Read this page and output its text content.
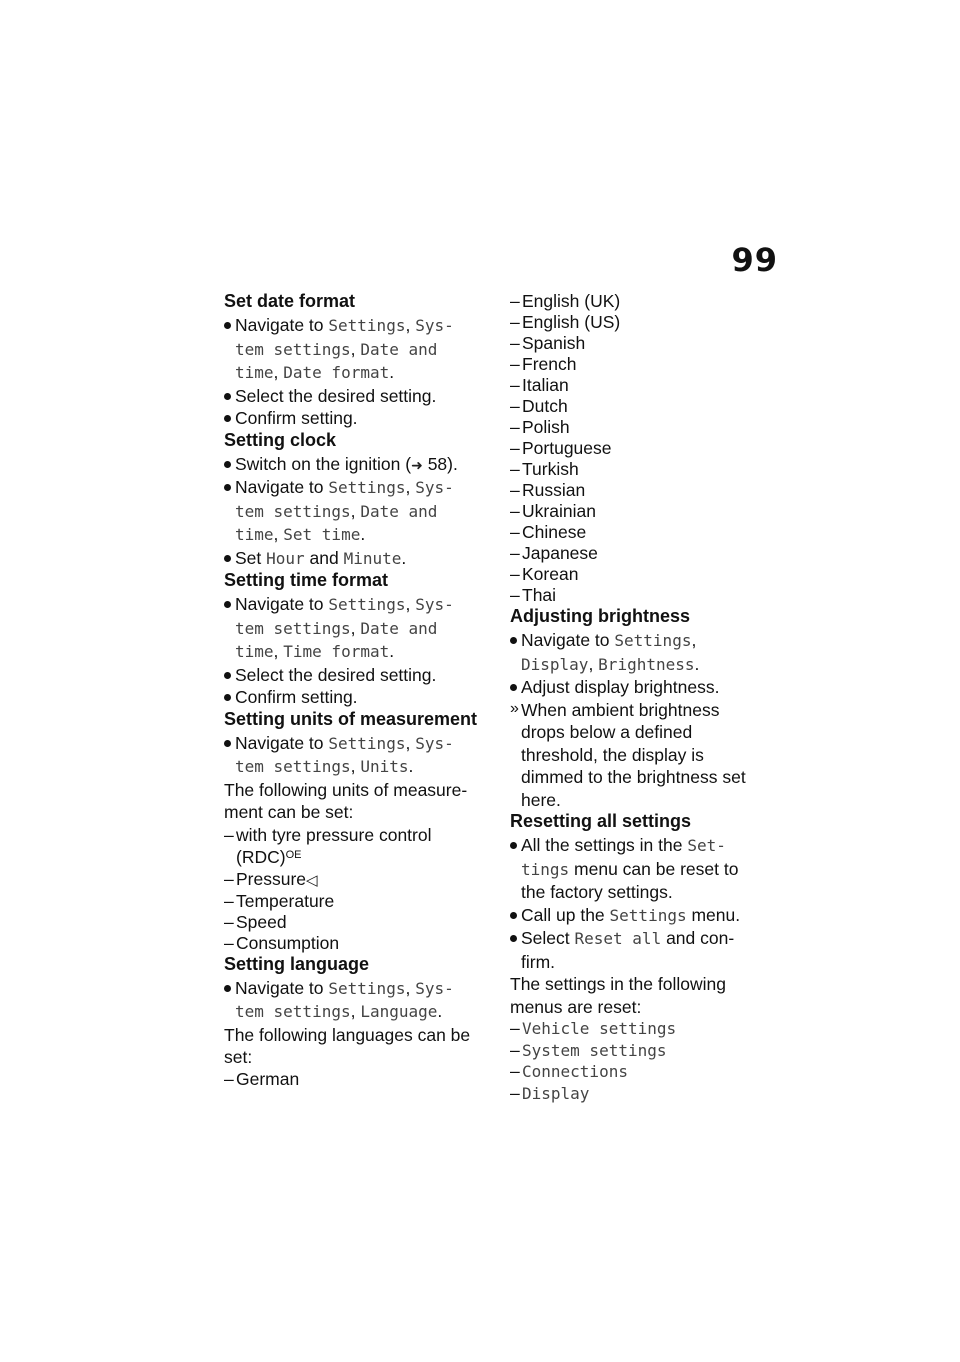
99
Set date format
Navigate to Settings, Sys-
tem settings, Date and
time, Date format.
Select the desired setting.
Confirm setting.
Setting clock
Switch on the ignition (➜ 58).
Navigate to Settings, Sys-
tem settings, Date and
time, Set time.
Set Hour and Minute.
Setting time format
Navigate to Settings, Sys-
tem settings, Date and
time, Time format.
Select the desired setting.
Confirm setting.
Setting units of measurement
Navigate to Settings, Sys-
tem settings, Units.
The following units of measure-
ment can be set:
– with tyre pressure control
(RDC)$^{OE}$
– Pressure◁
– Temperature
– Speed
– Consumption
Setting language
Navigate to Settings, Sys-
tem settings, Language.
The following languages can be
set:
– German
– English (UK)
– English (US)
– Spanish
– French
– Italian
– Dutch
– Polish
– Portuguese
– Turkish
– Russian
– Ukrainian
– Chinese
– Japanese
– Korean
– Thai
Adjusting brightness
Navigate to Settings,
Display, Brightness.
Adjust display brightness.
» When ambient brightness
drops below a defined
threshold, the display is
dimmed to the brightness set
here.
Resetting all settings
All the settings in the Set-
tings menu can be reset to
the factory settings.
Call up the Settings menu.
Select Reset all and con-
firm.
The settings in the following
menus are reset:
– Vehicle settings
– System settings
– Connections
– Display
